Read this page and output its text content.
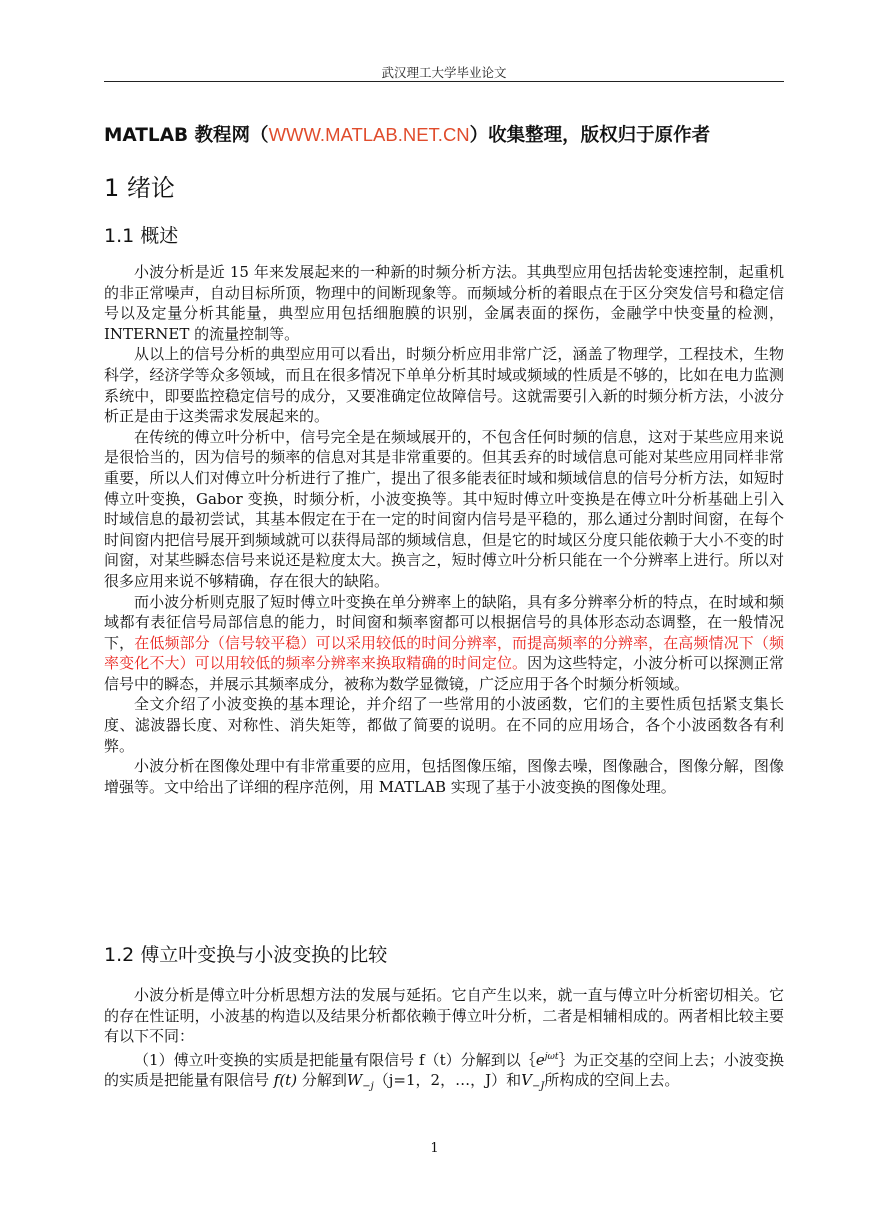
武汉理工大学毕业论文
MATLAB 教程网（WWW.MATLAB.NET.CN）收集整理，版权归于原作者
1 绪论
1.1 概述

小波分析是近 15 年来发展起来的一种新的时频分析方法。其典型应用包括齿轮变速控制，起重机的非正常噪声，自动目标所顶，物理中的间断现象等。而频域分析的着眼点在于区分突发信号和稳定信号以及定量分析其能量，典型应用包括细胞膜的识别，金属表面的探伤，金融学中快变量的检测，INTERNET 的流量控制等。

从以上的信号分析的典型应用可以看出，时频分析应用非常广泛，涵盖了物理学，工程技术，生物科学，经济学等众多领域，而且在很多情况下单单分析其时域或频域的性质是不够的，比如在电力监测系统中，即要监控稳定信号的成分，又要准确定位故障信号。这就需要引入新的时频分析方法，小波分析正是由于这类需求发展起来的。

在传统的傅立叶分析中，信号完全是在频域展开的，不包含任何时频的信息，这对于某些应用来说是很恰当的，因为信号的频率的信息对其是非常重要的。但其丢弃的时域信息可能对某些应用同样非常重要，所以人们对傅立叶分析进行了推广，提出了很多能表征时域和频域信息的信号分析方法，如短时傅立叶变换，Gabor 变换，时频分析，小波变换等。其中短时傅立叶变换是在傅立叶分析基础上引入时域信息的最初尝试，其基本假定在于在一定的时间窗内信号是平稳的，那么通过分割时间窗，在每个时间窗内把信号展开到频域就可以获得局部的频域信息，但是它的时域区分度只能依赖于大小不变的时间窗，对某些瞬态信号来说还是粒度太大。换言之，短时傅立叶分析只能在一个分辨率上进行。所以对很多应用来说不够精确，存在很大的缺陷。

而小波分析则克服了短时傅立叶变换在单分辨率上的缺陷，具有多分辨率分析的特点，在时域和频域都有表征信号局部信息的能力，时间窗和频率窗都可以根据信号的具体形态动态调整，在一般情况下，在低频部分（信号较平稳）可以采用较低的时间分辨率，而提高频率的分辨率，在高频情况下（频率变化不大）可以用较低的频率分辨率来换取精确的时间定位。因为这些特定，小波分析可以探测正常信号中的瞬态，并展示其频率成分，被称为数学显微镜，广泛应用于各个时频分析领域。

全文介绍了小波变换的基本理论，并介绍了一些常用的小波函数，它们的主要性质包括紧支集长度、滤波器长度、对称性、消失矩等，都做了简要的说明。在不同的应用场合，各个小波函数各有利弊。

小波分析在图像处理中有非常重要的应用，包括图像压缩，图像去噪，图像融合，图像分解，图像增强等。文中给出了详细的程序范例，用 MATLAB 实现了基于小波变换的图像处理。

1.2 傅立叶变换与小波变换的比较

小波分析是傅立叶分析思想方法的发展与延拓。它自产生以来，就一直与傅立叶分析密切相关。它的存在性证明，小波基的构造以及结果分析都依赖于傅立叶分析，二者是相辅相成的。两者相比较主要有以下不同：

（1）傅立叶变换的实质是把能量有限信号 f（t）分解到以$\{e^{j\omega t}\}$为正交基的空间上去；小波变换的实质是把能量有限信号 f(t) 分解到$W_{-j}(j=1$，2，…，J）和$V_{-J}$所构成的空间上去。

1
